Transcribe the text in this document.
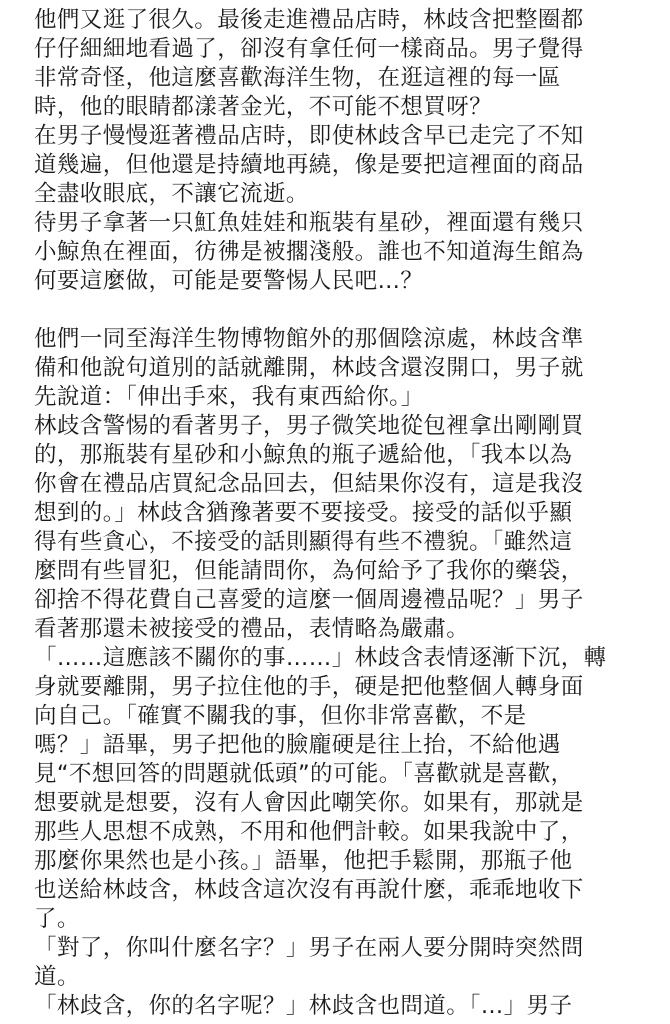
他們又逛了很久。最後走進禮品店時，林歧含把整圈都
仔仔細細地看過了，卻沒有拿任何一樣商品。男子覺得
非常奇怪，他這麼喜歡海洋生物，在逛這裡的每一區
時，他的眼睛都漾著金光，不可能不想買呀？
在男子慢慢逛著禮品店時，即使林歧含早已走完了不知
道幾遍，但他還是持續地再繞，像是要把這裡面的商品
全盡收眼底，不讓它流逝。
待男子拿著一只魟魚娃娃和瓶裝有星砂，裡面還有幾只
小鯨魚在裡面，彷彿是被擱淺般。誰也不知道海生館為
何要這麼做，可能是要警惕人民吧…？
他們一同至海洋生物博物館外的那個陰涼處，林歧含準
備和他說句道別的話就離開，林歧含還沒開口，男子就
先說道：「伸出手來，我有東西給你。」
林歧含警惕的看著男子，男子微笑地從包裡拿出剛剛買
的，那瓶裝有星砂和小鯨魚的瓶子遞給他，「我本以為
你會在禮品店買紀念品回去，但結果你沒有，這是我沒
想到的。」林歧含猶豫著要不要接受。接受的話似乎顯
得有些貪心，不接受的話則顯得有些不禮貌。「雖然這
麼問有些冒犯，但能請問你，為何給予了我你的藥袋，
卻捨不得花費自己喜愛的這麼一個周邊禮品呢？」男子
看著那還未被接受的禮品，表情略為嚴肅。
「……這應該不關你的事……」林歧含表情逐漸下沉，轉
身就要離開，男子拉住他的手，硬是把他整個人轉身面
向自己。「確實不關我的事，但你非常喜歡，不是
嗎？」語畢，男子把他的臉龐硬是往上抬，不給他遇
見“不想回答的問題就低頭”的可能。「喜歡就是喜歡，
想要就是想要，沒有人會因此嘲笑你。如果有，那就是
那些人思想不成熟，不用和他們計較。如果我說中了，
那麼你果然也是小孩。」語畢，他把手鬆開，那瓶子他
也送給林歧含，林歧含這次沒有再說什麼，乖乖地收下
了。
「對了，你叫什麼名字？」男子在兩人要分開時突然問
道。
「林歧含，你的名字呢？」林歧含也問道。「…」男子
